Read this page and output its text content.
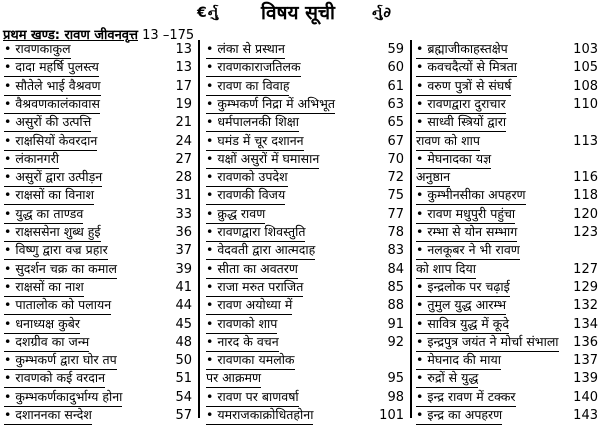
€ર્નુ	विषय सूची	ર્નુ∂
प्रथम खण्ड: रावण जीवनवृत्त 13 –175
• रावणकाकुल	13
• दादा महर्षि पुलस्त्य	13
• सौतेले भाई वैश्रवण	17
• वैश्रवणकालंकावास	19
• असुरों की उत्पत्ति	21
• राक्षसियों केवरदान	24
• लंकानगरी	27
• असुरों द्वारा उत्पीड़न	28
• राक्षसों का विनाश	31
• युद्ध का ताण्डव	33
• राक्षससेना शुब्ध हुई	36
• विष्णु द्वारा वज्र प्रहार	37
• सुदर्शन चक्र का कमाल	39
• राक्षसों का नाश	41
• पातालोक को पलायन	44
• धनाध्यक्ष कुबेर	45
• दशग्रीव का जन्म	48
• कुम्भकर्ण द्वारा घोर तप	50
• रावणको कई वरदान	51
• कुम्भकर्णकादुर्भाग्य होना	54
• दशाननका सन्देश	57
• लंका से प्रस्थान	59
• रावणकाराजतिलक	60
• रावण का विवाह	61
• कुम्भकर्ण निद्रा में अभिभूत	63
• धर्मपालनकी शिक्षा	65
• घमंड में चूर दशानन	67
• यक्षों असुरों में घमासान	70
• रावणको उपदेश	72
• रावणकी विजय	75
• क्रुद्ध रावण	77
• रावणद्वारा शिवस्तुति	78
• वेदवती द्वारा आत्मदाह	83
• सीता का अवतरण	84
• राजा मरुत पराजित	85
• रावण अयोध्या में	88
• रावणको शाप	91
• नारद के वचन	92
• रावणका यमलोक
पर आक्रमण	95
• रावण पर बाणवर्षा	98
• यमराजकाक्रोधितहोना	101
• ब्रह्माजीकाहस्तक्षेप	103
• कवचदैत्यों से मित्रता	105
• वरुण पुत्रों से संघर्ष	108
• रावणद्वारा दुराचार	110
• साध्वी स्त्रियों द्वारा
रावण को शाप	113
• मेघनादका यज्ञ
अनुष्ठान	116
• कुम्भीनसीका अपहरण	118
• रावण मधुपुरी पहुंचा	120
• रम्भा से योन सम्भाग	123
• नलकूबर ने भी रावण
को शाप दिया	127
• इन्द्रलोक पर चढ़ाई	129
• तुमुल युद्ध आरम्भ	132
• सावित्र युद्ध में कूदे	134
• इन्द्रपुत्र जयंत ने मोर्चा संभाला 136
• मेघनाद की माया	137
• रुद्रों से युद्ध	139
• इन्द्र रावण में टक्कर	140
• इन्द्र का अपहरण	143
